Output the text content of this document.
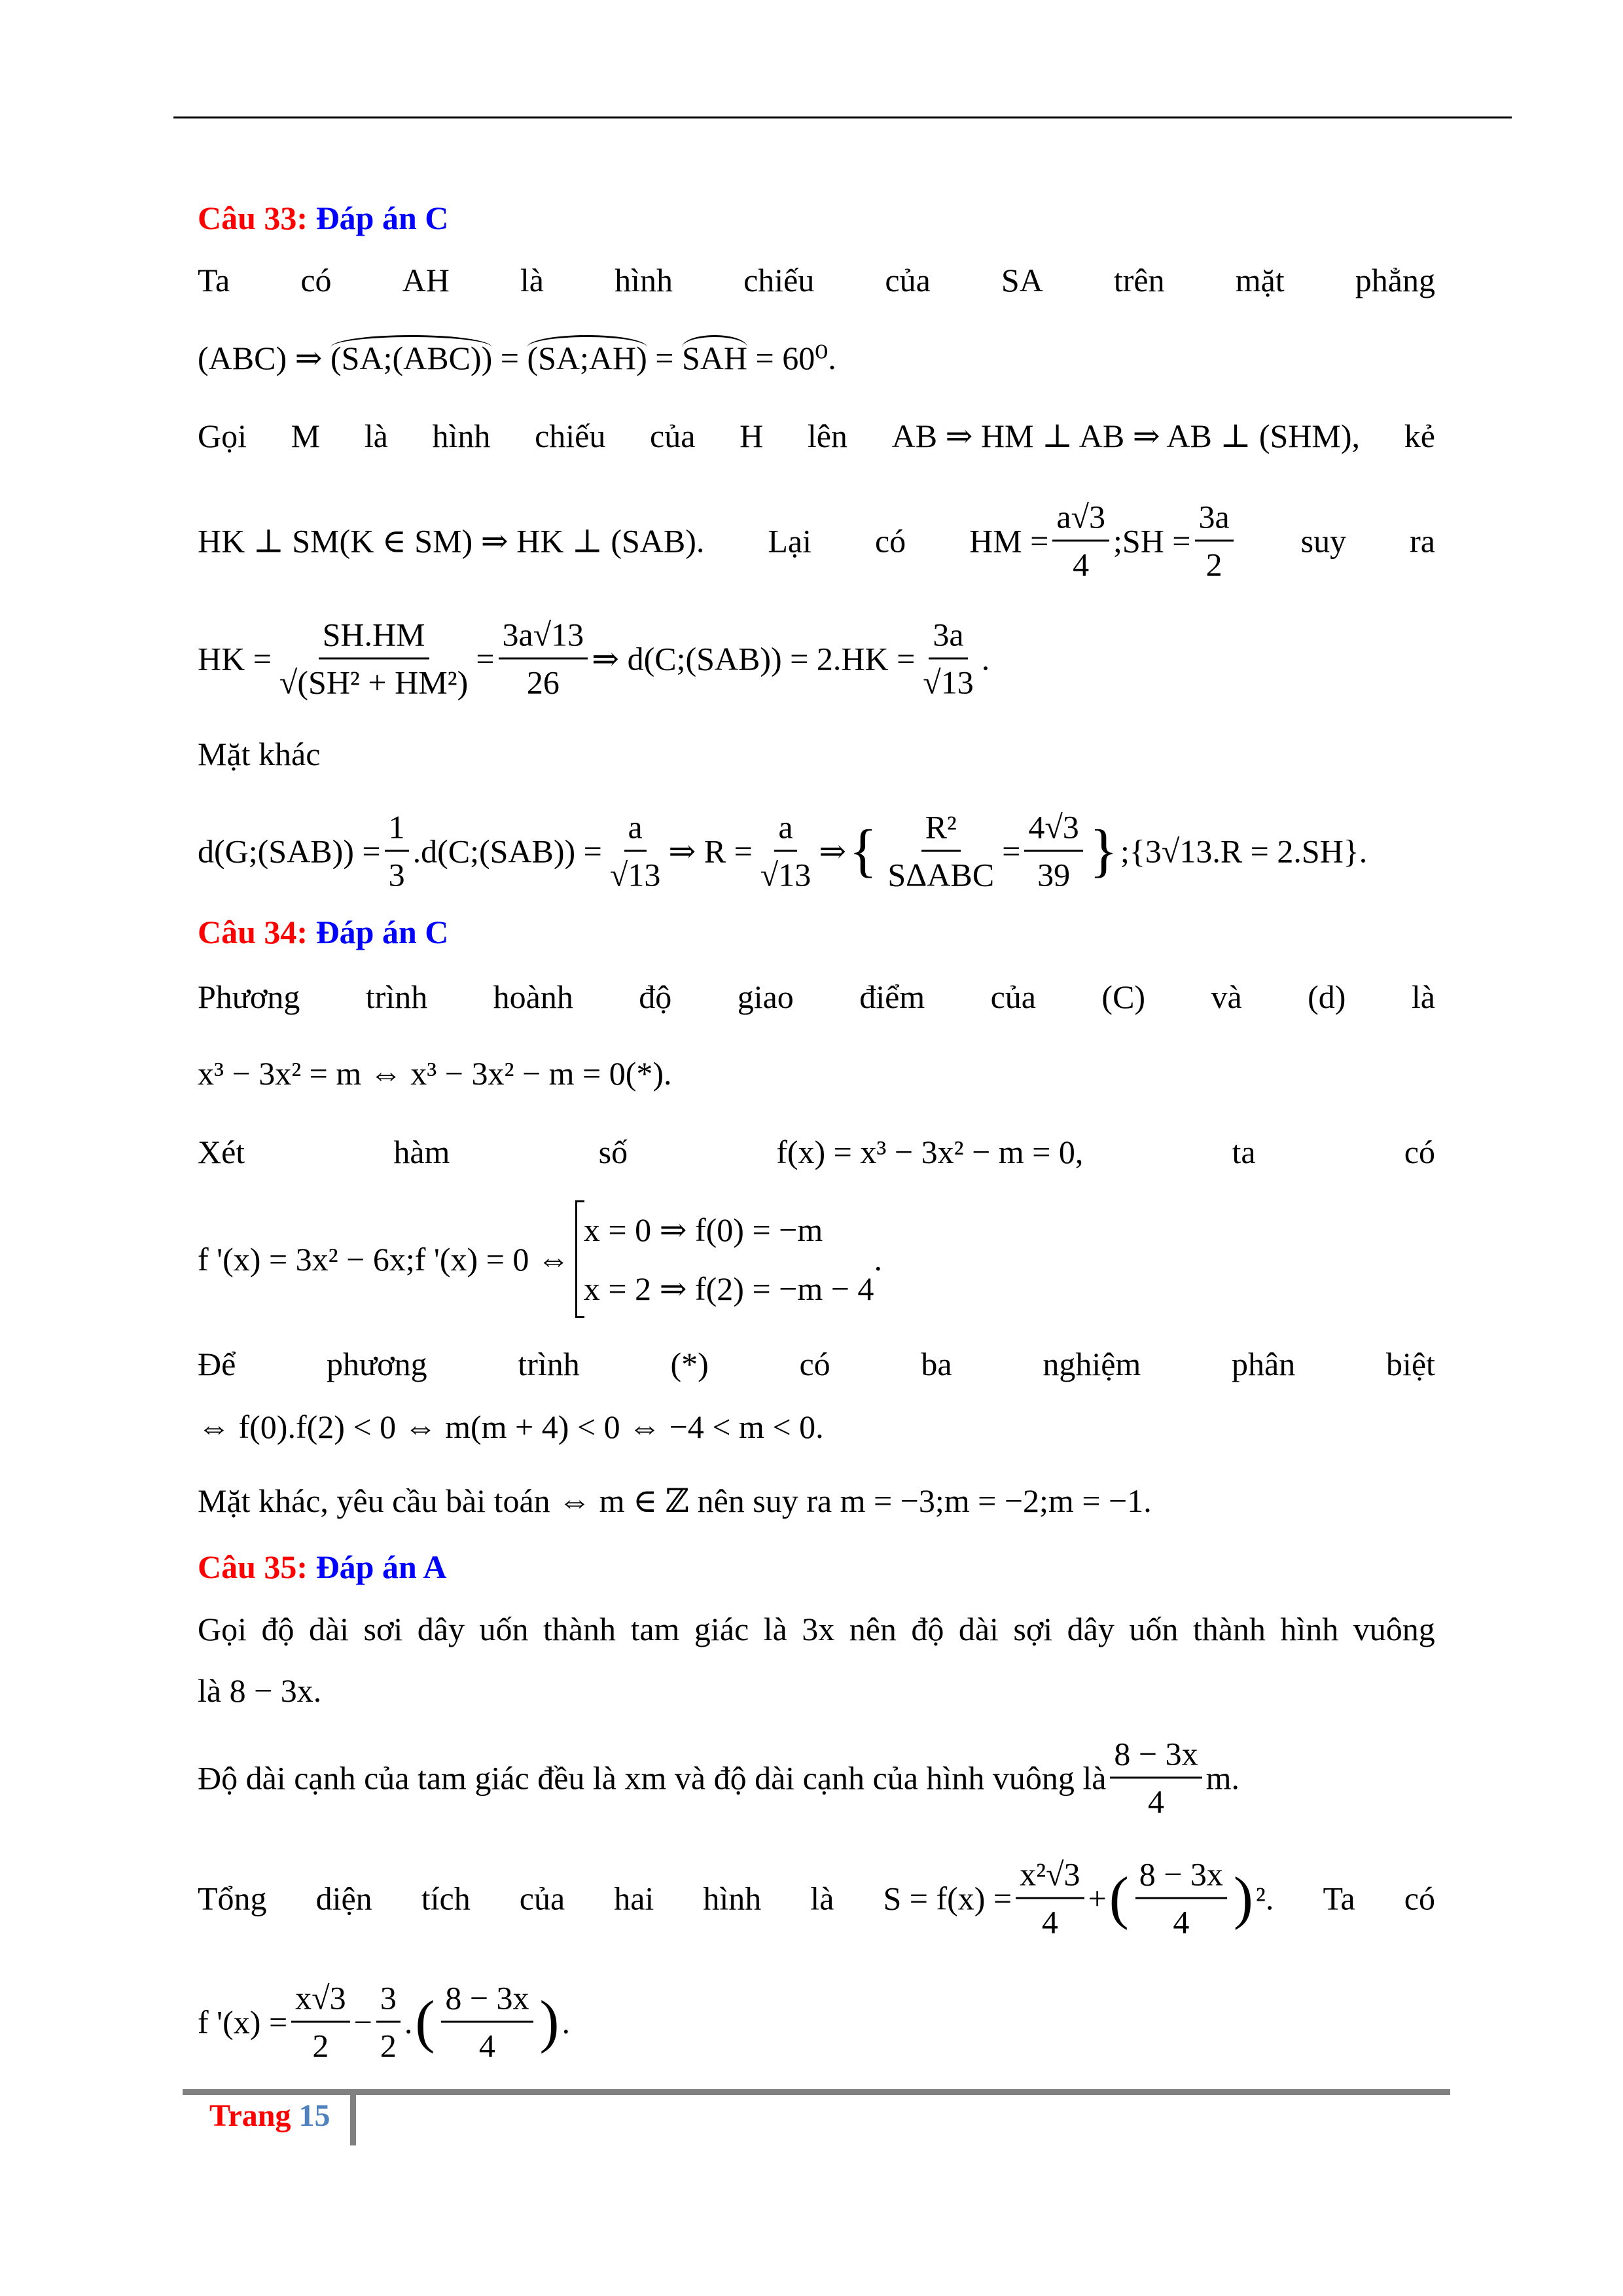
Câu 33: Đáp án C
Ta có AH là hình chiếu của SA trên mặt phẳng
(ABC) ⇒ (SA;(ABC)) = (SA;AH) = SAH = 60⁰.
Gọi M là hình chiếu của H lên AB ⇒ HM ⊥ AB ⇒ AB ⊥ (SHM), kẻ
HK ⊥ SM(K ∈ SM) ⇒ HK ⊥ (SAB). Lại có HM = $\frac{a√3}{4}$ ;SH = $\frac{3a}{2}$ suy ra
HK = $\frac{SH.HM}{\text{√(SH² + HM²)}} = \frac{3a√13}{26}$ ⇒ d(C;(SAB)) = $2.HK = \frac{3a}{√13}$ .
Mặt khác
d(G;(SAB)) = $\frac{1}{3}$ .d(C;(SAB)) = $\frac{a}{√13}$ ⇒ $R = \frac{a}{√13}$ ⇒ { $\frac{\text{R²}}{\text{SΔABC}} = \frac{4√3}{39}$ } ;{3√13.R = 2.SH}.
Câu 34: Đáp án C
Phương trình hoành độ giao điểm của (C) và (d) là
x³ − 3x² = m ⇔ x³ − 3x² − m = 0(*).
Xét	hàm	số	f(x) = x³ − 3x² − m = 0,	ta	có
f '(x) = 3x² − 6x;f '(x) = 0 ⇔
x = 0 ⇒ f(0) = −m
x = 2 ⇒ f(2) = −m − 4
.
Để	phương	trình	(*)	có	ba	nghiệm	phân	biệt
⇔ f(0).f(2) < 0 ⇔ m(m + 4) < 0 ⇔ −4 < m < 0.
Mặt khác, yêu cầu bài toán ⇔ m ∈ ℤ nên suy ra m = −3;m = −2;m = −1.
Câu 35: Đáp án A
Gọi độ dài sơi dây uốn thành tam giác là 3x nên độ dài sợi dây uốn thành hình vuông
là 8 − 3x.
Độ dài cạnh của tam giác đều là xm và độ dài cạnh của hình vuông là $\frac{8 - 3x}{4} m$.
Tổng diện tích của hai hình là $S = f(x) = \frac{\text{x²√3}}{4}$ + ( $\frac{8 - 3x}{4}$ ) ². Ta có
f '$(x) = \frac{x√3}{2} - \frac{3}{2}$ . ( $\frac{8 - 3x}{4}$ ) .
Trang 15
